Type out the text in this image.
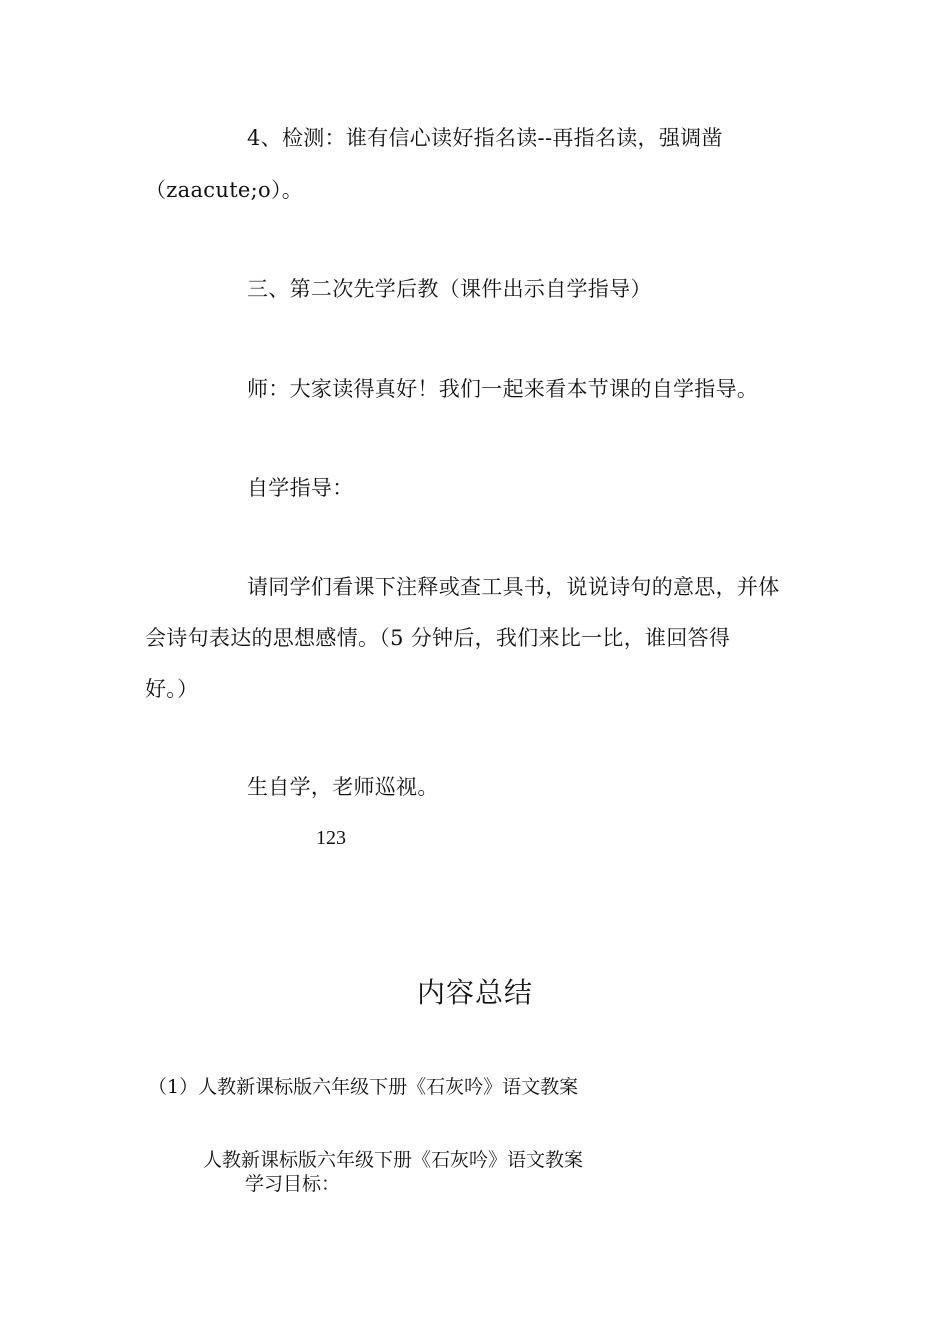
4、检测：谁有信心读好指名读--再指名读，强调凿
（zaacute;o）。
三、第二次先学后教（课件出示自学指导）
师：大家读得真好！我们一起来看本节课的自学指导。
自学指导：
请同学们看课下注释或查工具书，说说诗句的意思，并体
会诗句表达的思想感情。（5 分钟后，我们来比一比，谁回答得
好。）
生自学，老师巡视。
123
内容总结
（1）人教新课标版六年级下册《石灰吟》语文教案
人教新课标版六年级下册《石灰吟》语文教案
学习目标：
